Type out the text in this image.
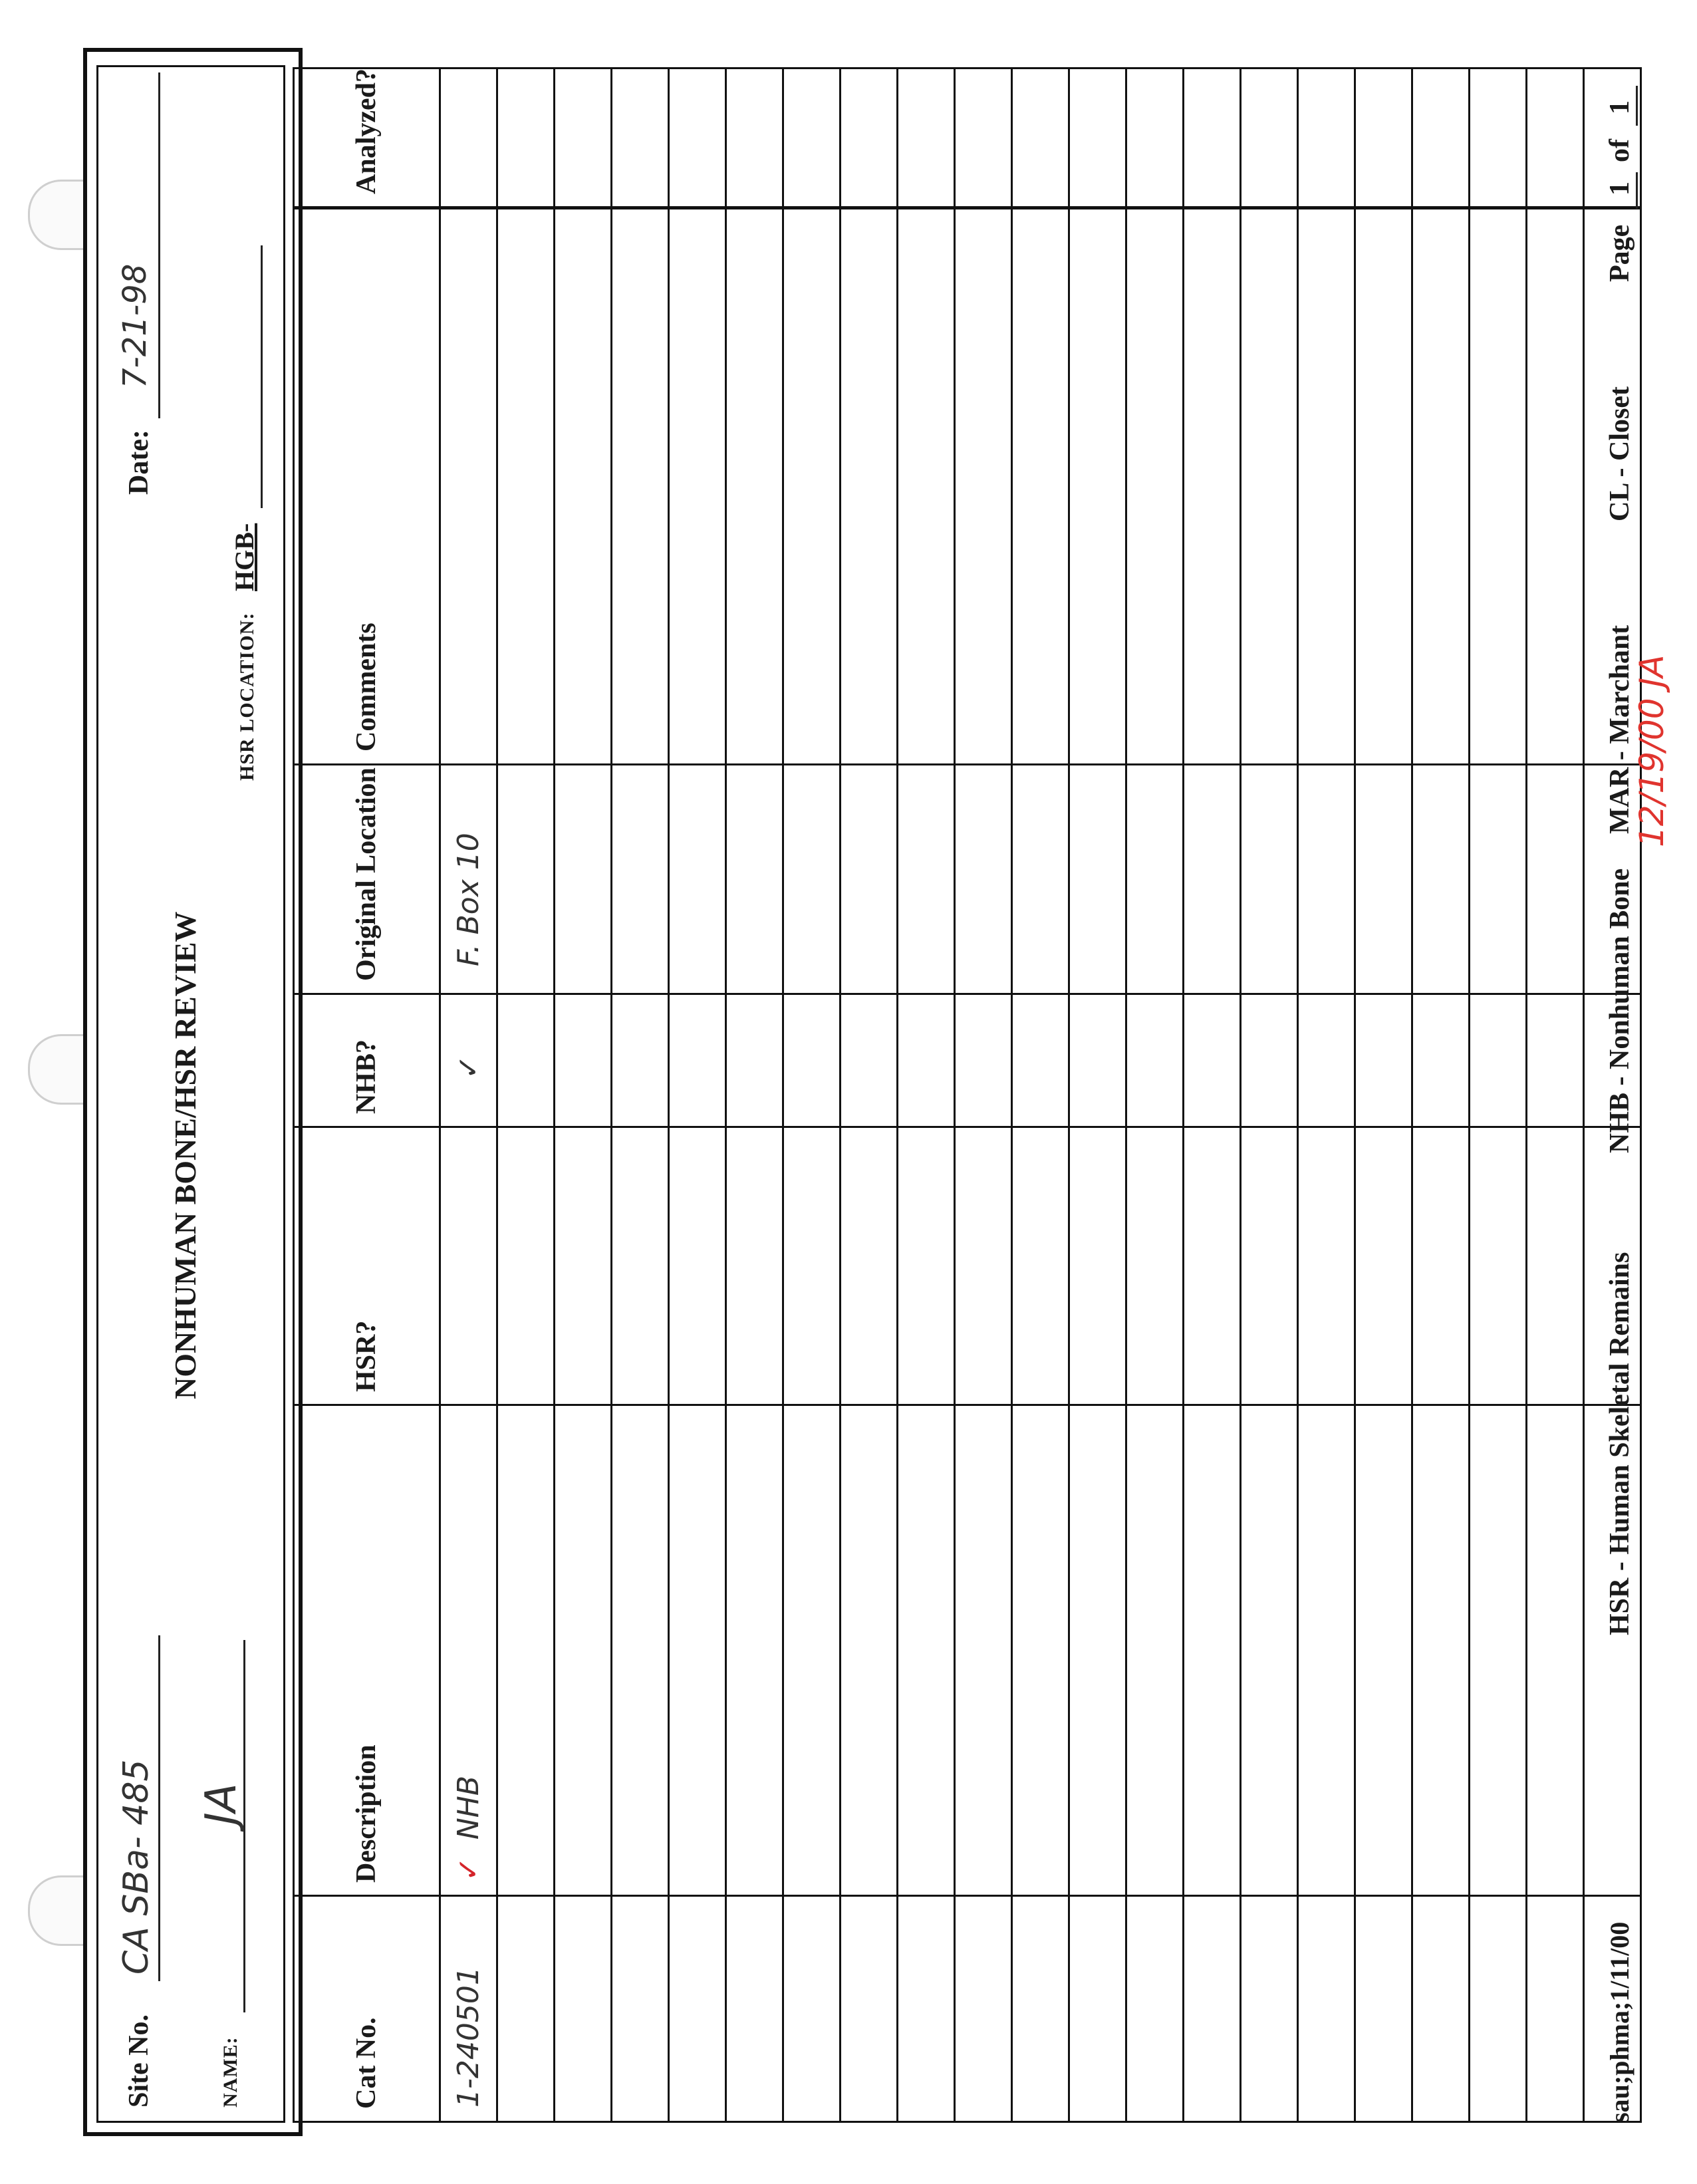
Site No.
CA SBa- 485
NAME:
JA
NONHUMAN BONE/HSR REVIEW
Date:
7-21-98
HSR LOCATION:
HGB-
Cat No.	Description	HSR?	NHB?	Original Location	Comments	Analyzed?
1-240501	✓NHB		✓	F. Box 10		

sau;phma;1/11/00
HSR - Human Skeletal Remains
NHB - Nonhuman Bone
MAR - Marchant
CL - Closet
Page
1
of
1
12/19/00 JA
